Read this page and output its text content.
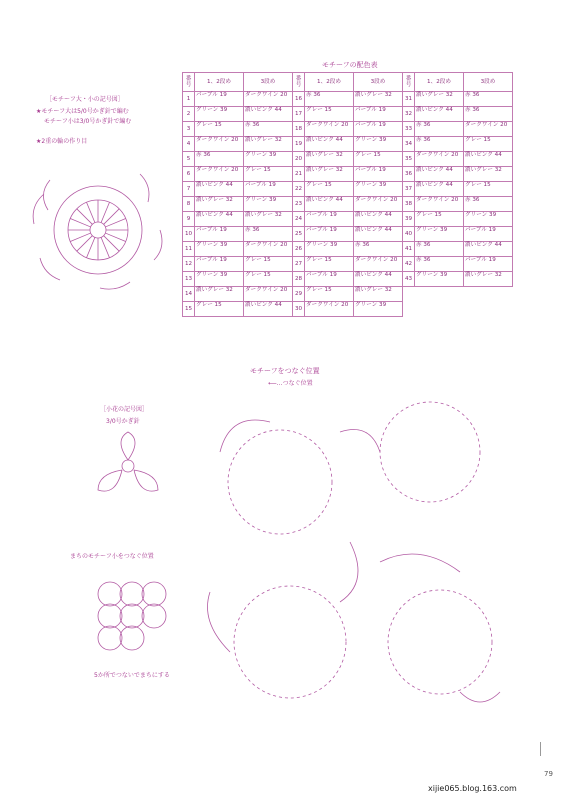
［モチーフ大・小の記号図］
★モチーフ大は5/0号かぎ針で編む
モチーフ小は3/0号かぎ針で編む
★2重の輪の作り目
モチーフの配色表
番号	1、2段め	3段め	番号	1、2段め	3段め	番号	1、2段め	3段め
1	パープル 19	ダークワイン 20	16	赤 36	濃いグレー 32	31	濃いグレー 32	赤 36
2	グリーン 39	濃いピンク 44	17	グレー 15	パープル 19	32	濃いピンク 44	赤 36
3	グレー 15	赤 36	18	ダークワイン 20	パープル 19	33	赤 36	ダークワイン 20
4	ダークワイン 20	濃いグレー 32	19	濃いピンク 44	グリーン 39	34	赤 36	グレー 15
5	赤 36	グリーン 39	20	濃いグレー 32	グレー 15	35	ダークワイン 20	濃いピンク 44
6	ダークワイン 20	グレー 15	21	濃いグレー 32	パープル 19	36	濃いピンク 44	濃いグレー 32
7	濃いピンク 44	パープル 19	22	グレー 15	グリーン 39	37	濃いピンク 44	グレー 15
8	濃いグレー 32	グリーン 39	23	濃いピンク 44	ダークワイン 20	38	ダークワイン 20	赤 36
9	濃いピンク 44	濃いグレー 32	24	パープル 19	濃いピンク 44	39	グレー 15	グリーン 39
10	パープル 19	赤 36	25	パープル 19	濃いピンク 44	40	グリーン 39	パープル 19
11	グリーン 39	ダークワイン 20	26	グリーン 39	赤 36	41	赤 36	濃いピンク 44
12	パープル 19	グレー 15	27	グレー 15	ダークワイン 20	42	赤 36	パープル 19
13	グリーン 39	グレー 15	28	パープル 19	濃いピンク 44	43	グリーン 39	濃いグレー 32
14	濃いグレー 32	ダークワイン 20	29	グレー 15	濃いグレー 32			
15	グレー 15	濃いピンク 44	30	ダークワイン 20	グリーン 39			
モチーフをつなぐ位置
⟵…つなぐ位置
［小花の記号図］
3/0号かぎ針
まちのモチーフ小をつなぐ位置
5か所でつないでまちにする
79
xijie065.blog.163.com
